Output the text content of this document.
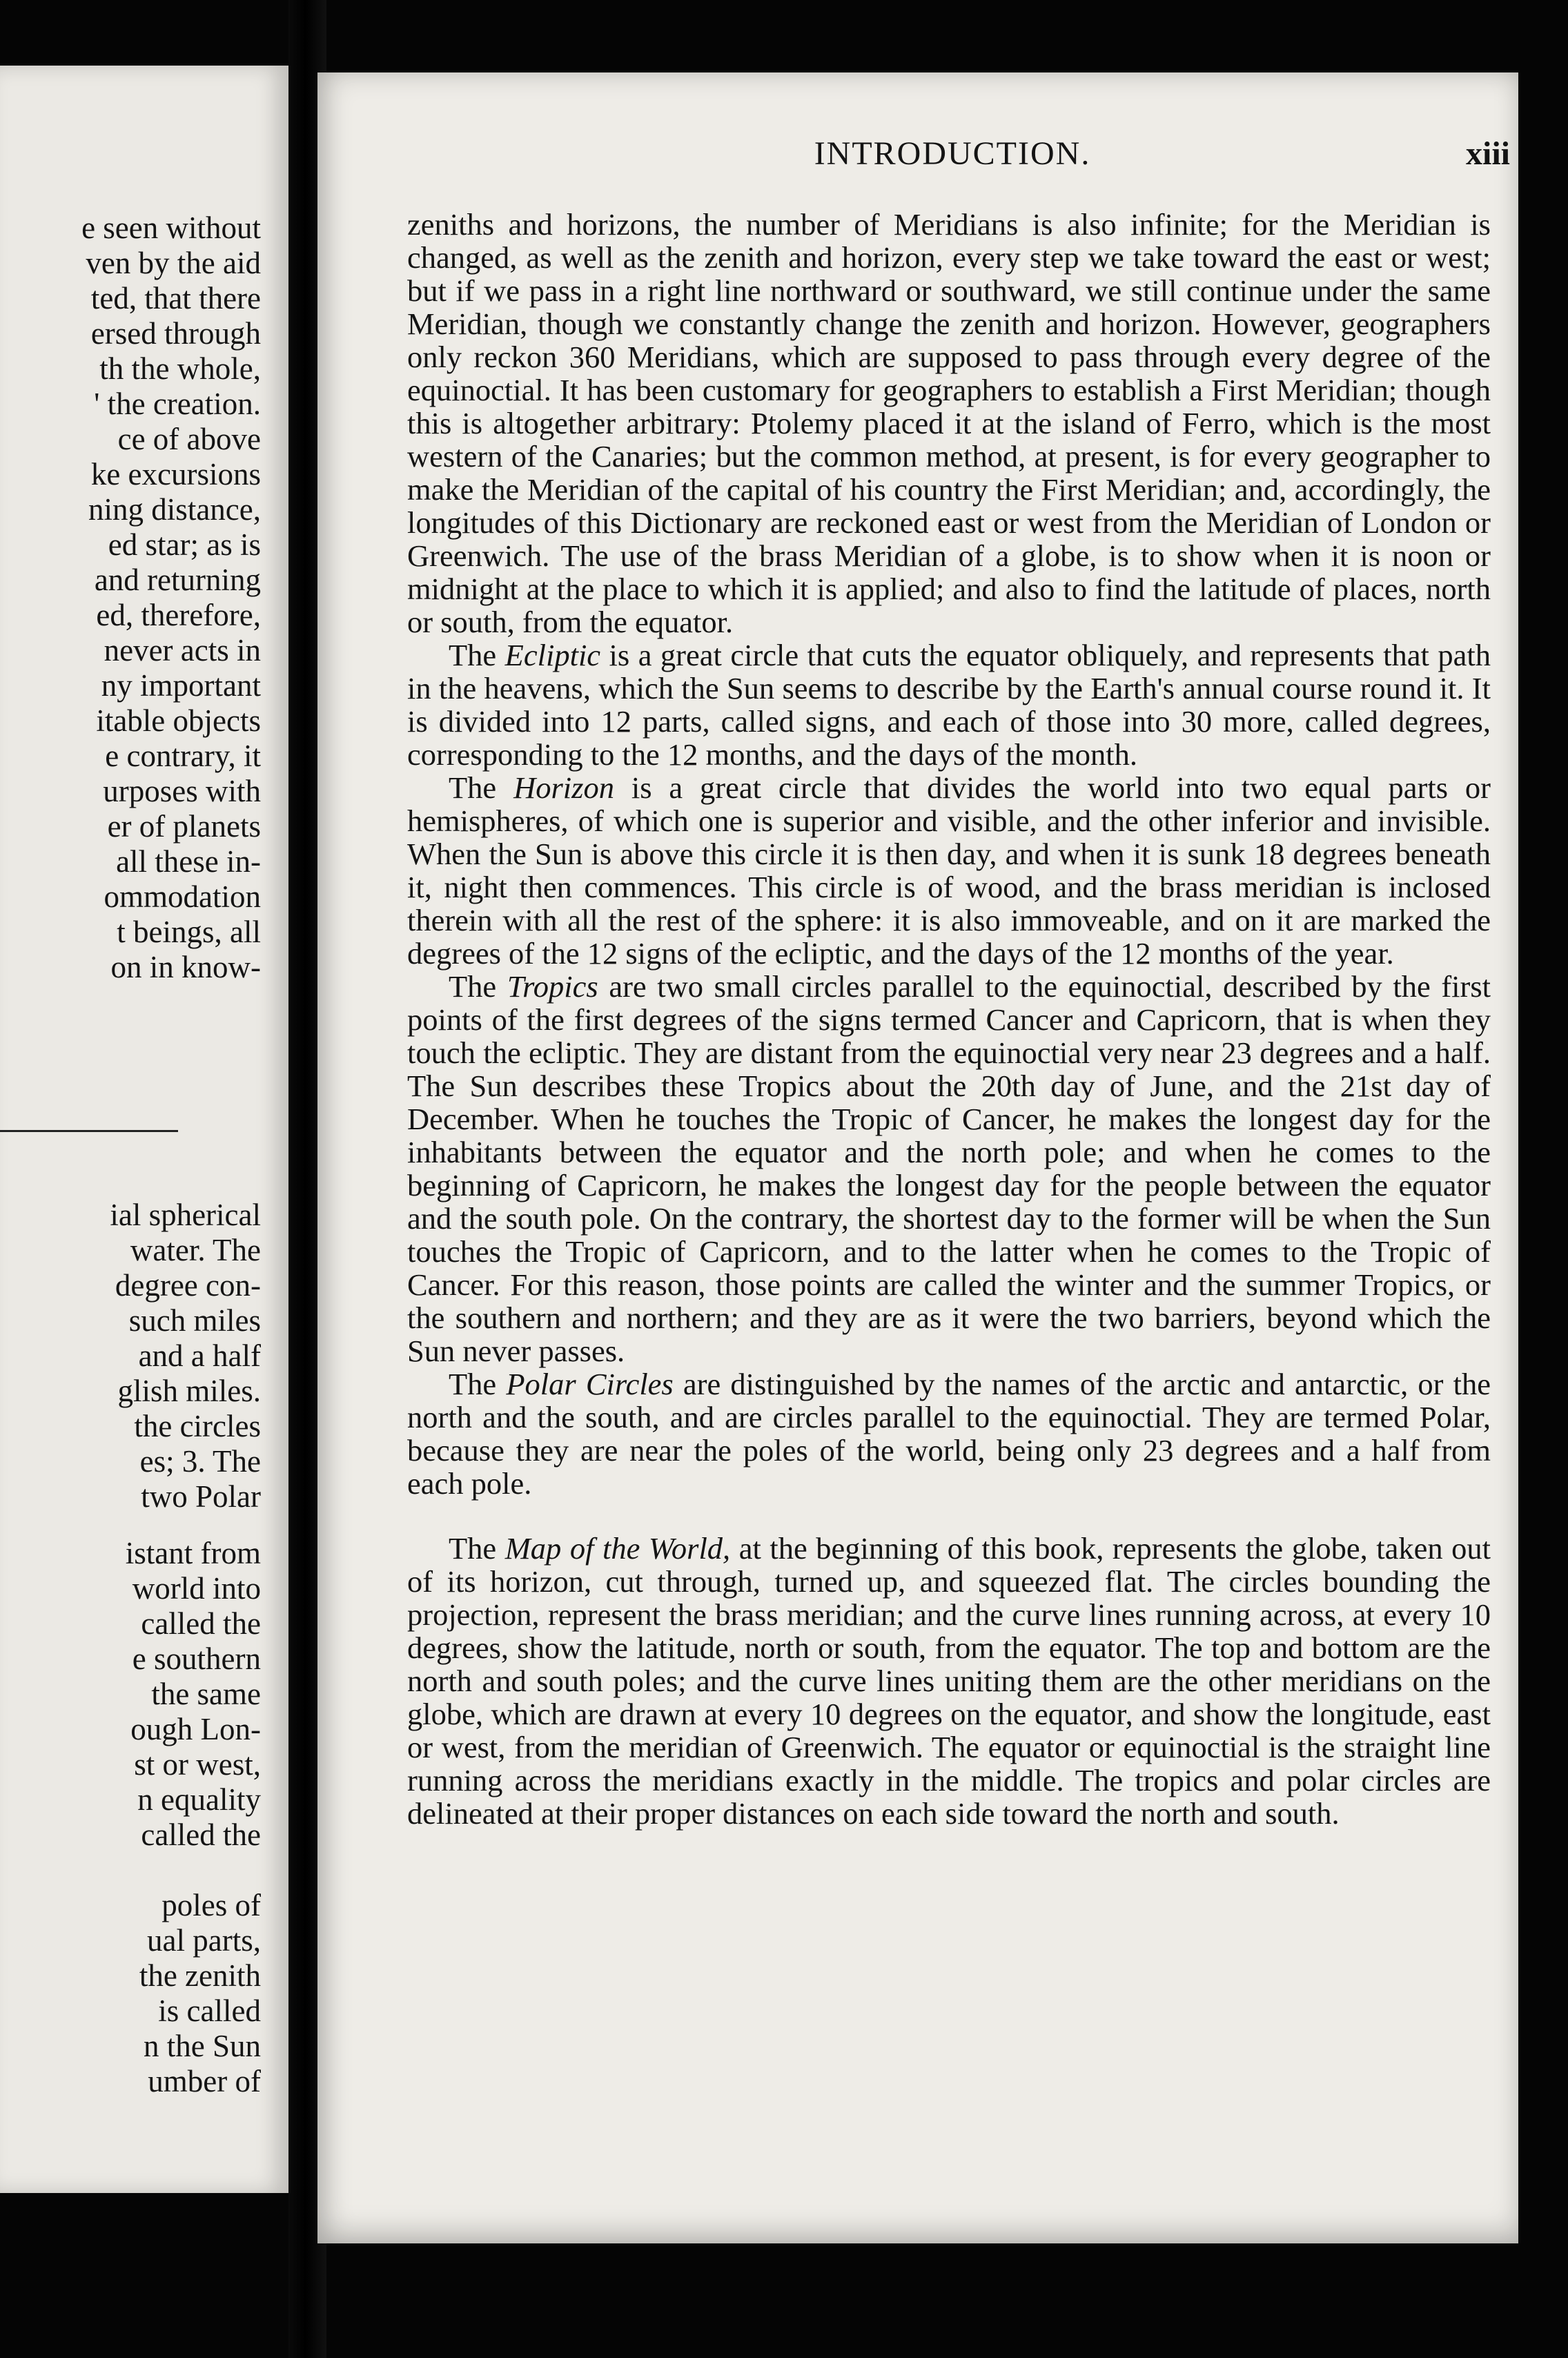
e seen without
ven by the aid
ted, that there
ersed through
th the whole,
' the creation.
ce of above
ke excursions
ning distance,
ed star; as is
and returning
ed, therefore,
never acts in
ny important
itable objects
e contrary, it
urposes with
er of planets
all these in-
ommodation
t beings, all
on in know-
ial spherical
water. The
degree con-
such miles
and a half
glish miles.
the circles
es; 3. The
two Polar
istant from
world into
called the
e southern
the same
ough Lon-
st or west,
n equality
called the
poles of
ual parts,
the zenith
is called
n the Sun
umber of
INTRODUCTION.	xiii

zeniths and horizons, the number of Meridians is also infinite; for the Meridian is changed, as well as the zenith and horizon, every step we take toward the east or west; but if we pass in a right line northward or southward, we still continue under the same Meridian, though we constantly change the zenith and horizon. However, geographers only reckon 360 Meridians, which are supposed to pass through every degree of the equinoctial. It has been customary for geographers to establish a First Meridian; though this is altogether arbitrary: Ptolemy placed it at the island of Ferro, which is the most western of the Canaries; but the common method, at present, is for every geographer to make the Meridian of the capital of his country the First Meridian; and, accordingly, the longitudes of this Dictionary are reckoned east or west from the Meridian of London or Greenwich. The use of the brass Meridian of a globe, is to show when it is noon or midnight at the place to which it is applied; and also to find the latitude of places, north or south, from the equator.

The Ecliptic is a great circle that cuts the equator obliquely, and represents that path in the heavens, which the Sun seems to describe by the Earth's annual course round it. It is divided into 12 parts, called signs, and each of those into 30 more, called degrees, corresponding to the 12 months, and the days of the month.

The Horizon is a great circle that divides the world into two equal parts or hemispheres, of which one is superior and visible, and the other inferior and invisible. When the Sun is above this circle it is then day, and when it is sunk 18 degrees beneath it, night then commences. This circle is of wood, and the brass meridian is inclosed therein with all the rest of the sphere: it is also immoveable, and on it are marked the degrees of the 12 signs of the ecliptic, and the days of the 12 months of the year.

The Tropics are two small circles parallel to the equinoctial, described by the first points of the first degrees of the signs termed Cancer and Capricorn, that is when they touch the ecliptic. They are distant from the equinoctial very near 23 degrees and a half. The Sun describes these Tropics about the 20th day of June, and the 21st day of December. When he touches the Tropic of Cancer, he makes the longest day for the inhabitants between the equator and the north pole; and when he comes to the beginning of Capricorn, he makes the longest day for the people between the equator and the south pole. On the contrary, the shortest day to the former will be when the Sun touches the Tropic of Capricorn, and to the latter when he comes to the Tropic of Cancer. For this reason, those points are called the winter and the summer Tropics, or the southern and northern; and they are as it were the two barriers, beyond which the Sun never passes.

The Polar Circles are distinguished by the names of the arctic and antarctic, or the north and the south, and are circles parallel to the equinoctial. They are termed Polar, because they are near the poles of the world, being only 23 degrees and a half from each pole.

The Map of the World, at the beginning of this book, represents the globe, taken out of its horizon, cut through, turned up, and squeezed flat. The circles bounding the projection, represent the brass meridian; and the curve lines running across, at every 10 degrees, show the latitude, north or south, from the equator. The top and bottom are the north and south poles; and the curve lines uniting them are the other meridians on the globe, which are drawn at every 10 degrees on the equator, and show the longitude, east or west, from the meridian of Greenwich. The equator or equinoctial is the straight line running across the meridians exactly in the middle. The tropics and polar circles are delineated at their proper distances on each side toward the north and south.
